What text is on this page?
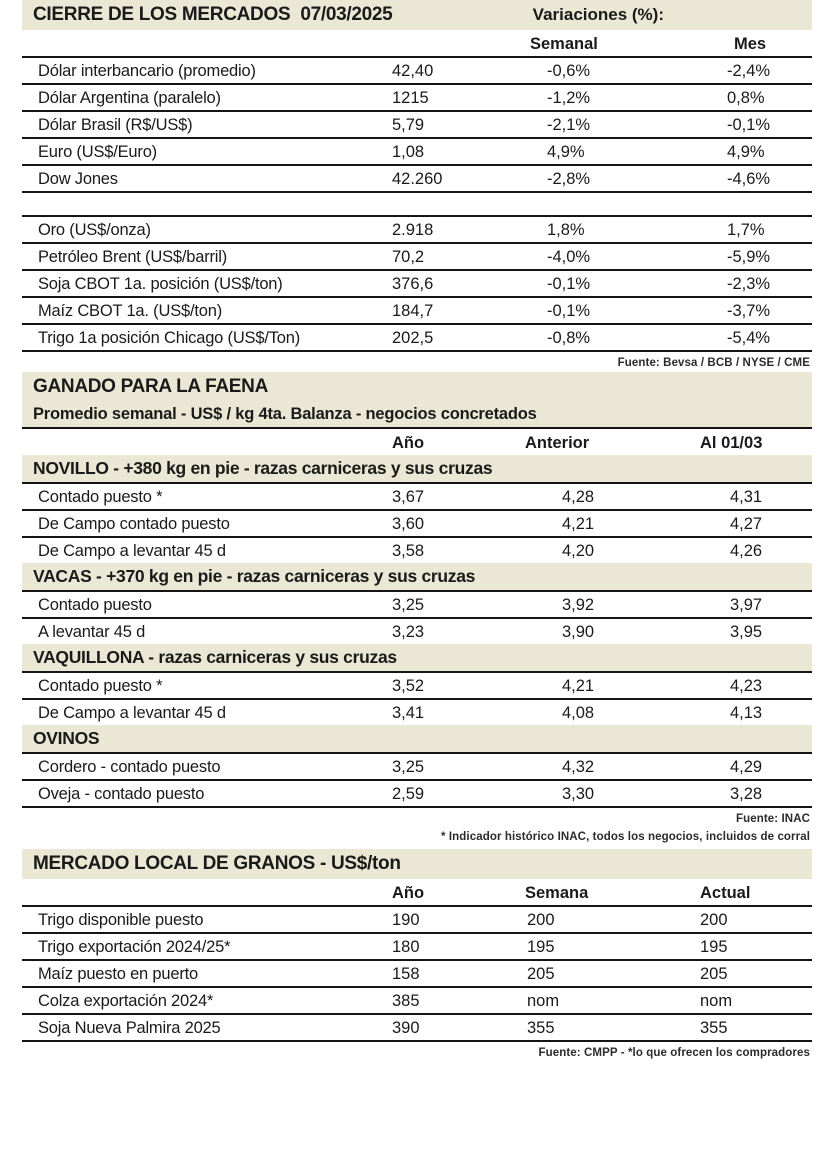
CIERRE DE LOS MERCADOS 07/03/2025	Variaciones (%):
Semanal	Mes
Dólar interbancario (promedio)	42,40	-0,6%	-2,4%
Dólar Argentina (paralelo)	1215	-1,2%	0,8%
Dólar Brasil (R$/US$)	5,79	-2,1%	-0,1%
Euro (US$/Euro)	1,08	4,9%	4,9%
Dow Jones	42.260	-2,8%	-4,6%
Oro (US$/onza)	2.918	1,8%	1,7%
Petróleo Brent (US$/barril)	70,2	-4,0%	-5,9%
Soja CBOT 1a. posición (US$/ton)	376,6	-0,1%	-2,3%
Maíz CBOT 1a. (US$/ton)	184,7	-0,1%	-3,7%
Trigo 1a posición Chicago (US$/Ton)	202,5	-0,8%	-5,4%
Fuente: Bevsa / BCB / NYSE / CME
GANADO PARA LA FAENA
Promedio semanal - US$ / kg 4ta. Balanza - negocios concretados
Año	Anterior	Al 01/03
NOVILLO - +380 kg en pie - razas carniceras y sus cruzas
Contado puesto *	3,67	4,28	4,31
De Campo contado puesto	3,60	4,21	4,27
De Campo a levantar 45 d	3,58	4,20	4,26
VACAS - +370 kg en pie - razas carniceras y sus cruzas
Contado puesto	3,25	3,92	3,97
A levantar 45 d	3,23	3,90	3,95
VAQUILLONA - razas carniceras y sus cruzas
Contado puesto *	3,52	4,21	4,23
De Campo a levantar 45 d	3,41	4,08	4,13
OVINOS
Cordero - contado puesto	3,25	4,32	4,29
Oveja - contado puesto	2,59	3,30	3,28
Fuente: INAC
* Indicador histórico INAC, todos los negocios, incluidos de corral
MERCADO LOCAL DE GRANOS - US$/ton
Año	Semana	Actual
Trigo disponible puesto	190	200	200
Trigo exportación 2024/25*	180	195	195
Maíz puesto en puerto	158	205	205
Colza exportación 2024*	385	nom	nom
Soja Nueva Palmira 2025	390	355	355
Fuente: CMPP - *lo que ofrecen los compradores
